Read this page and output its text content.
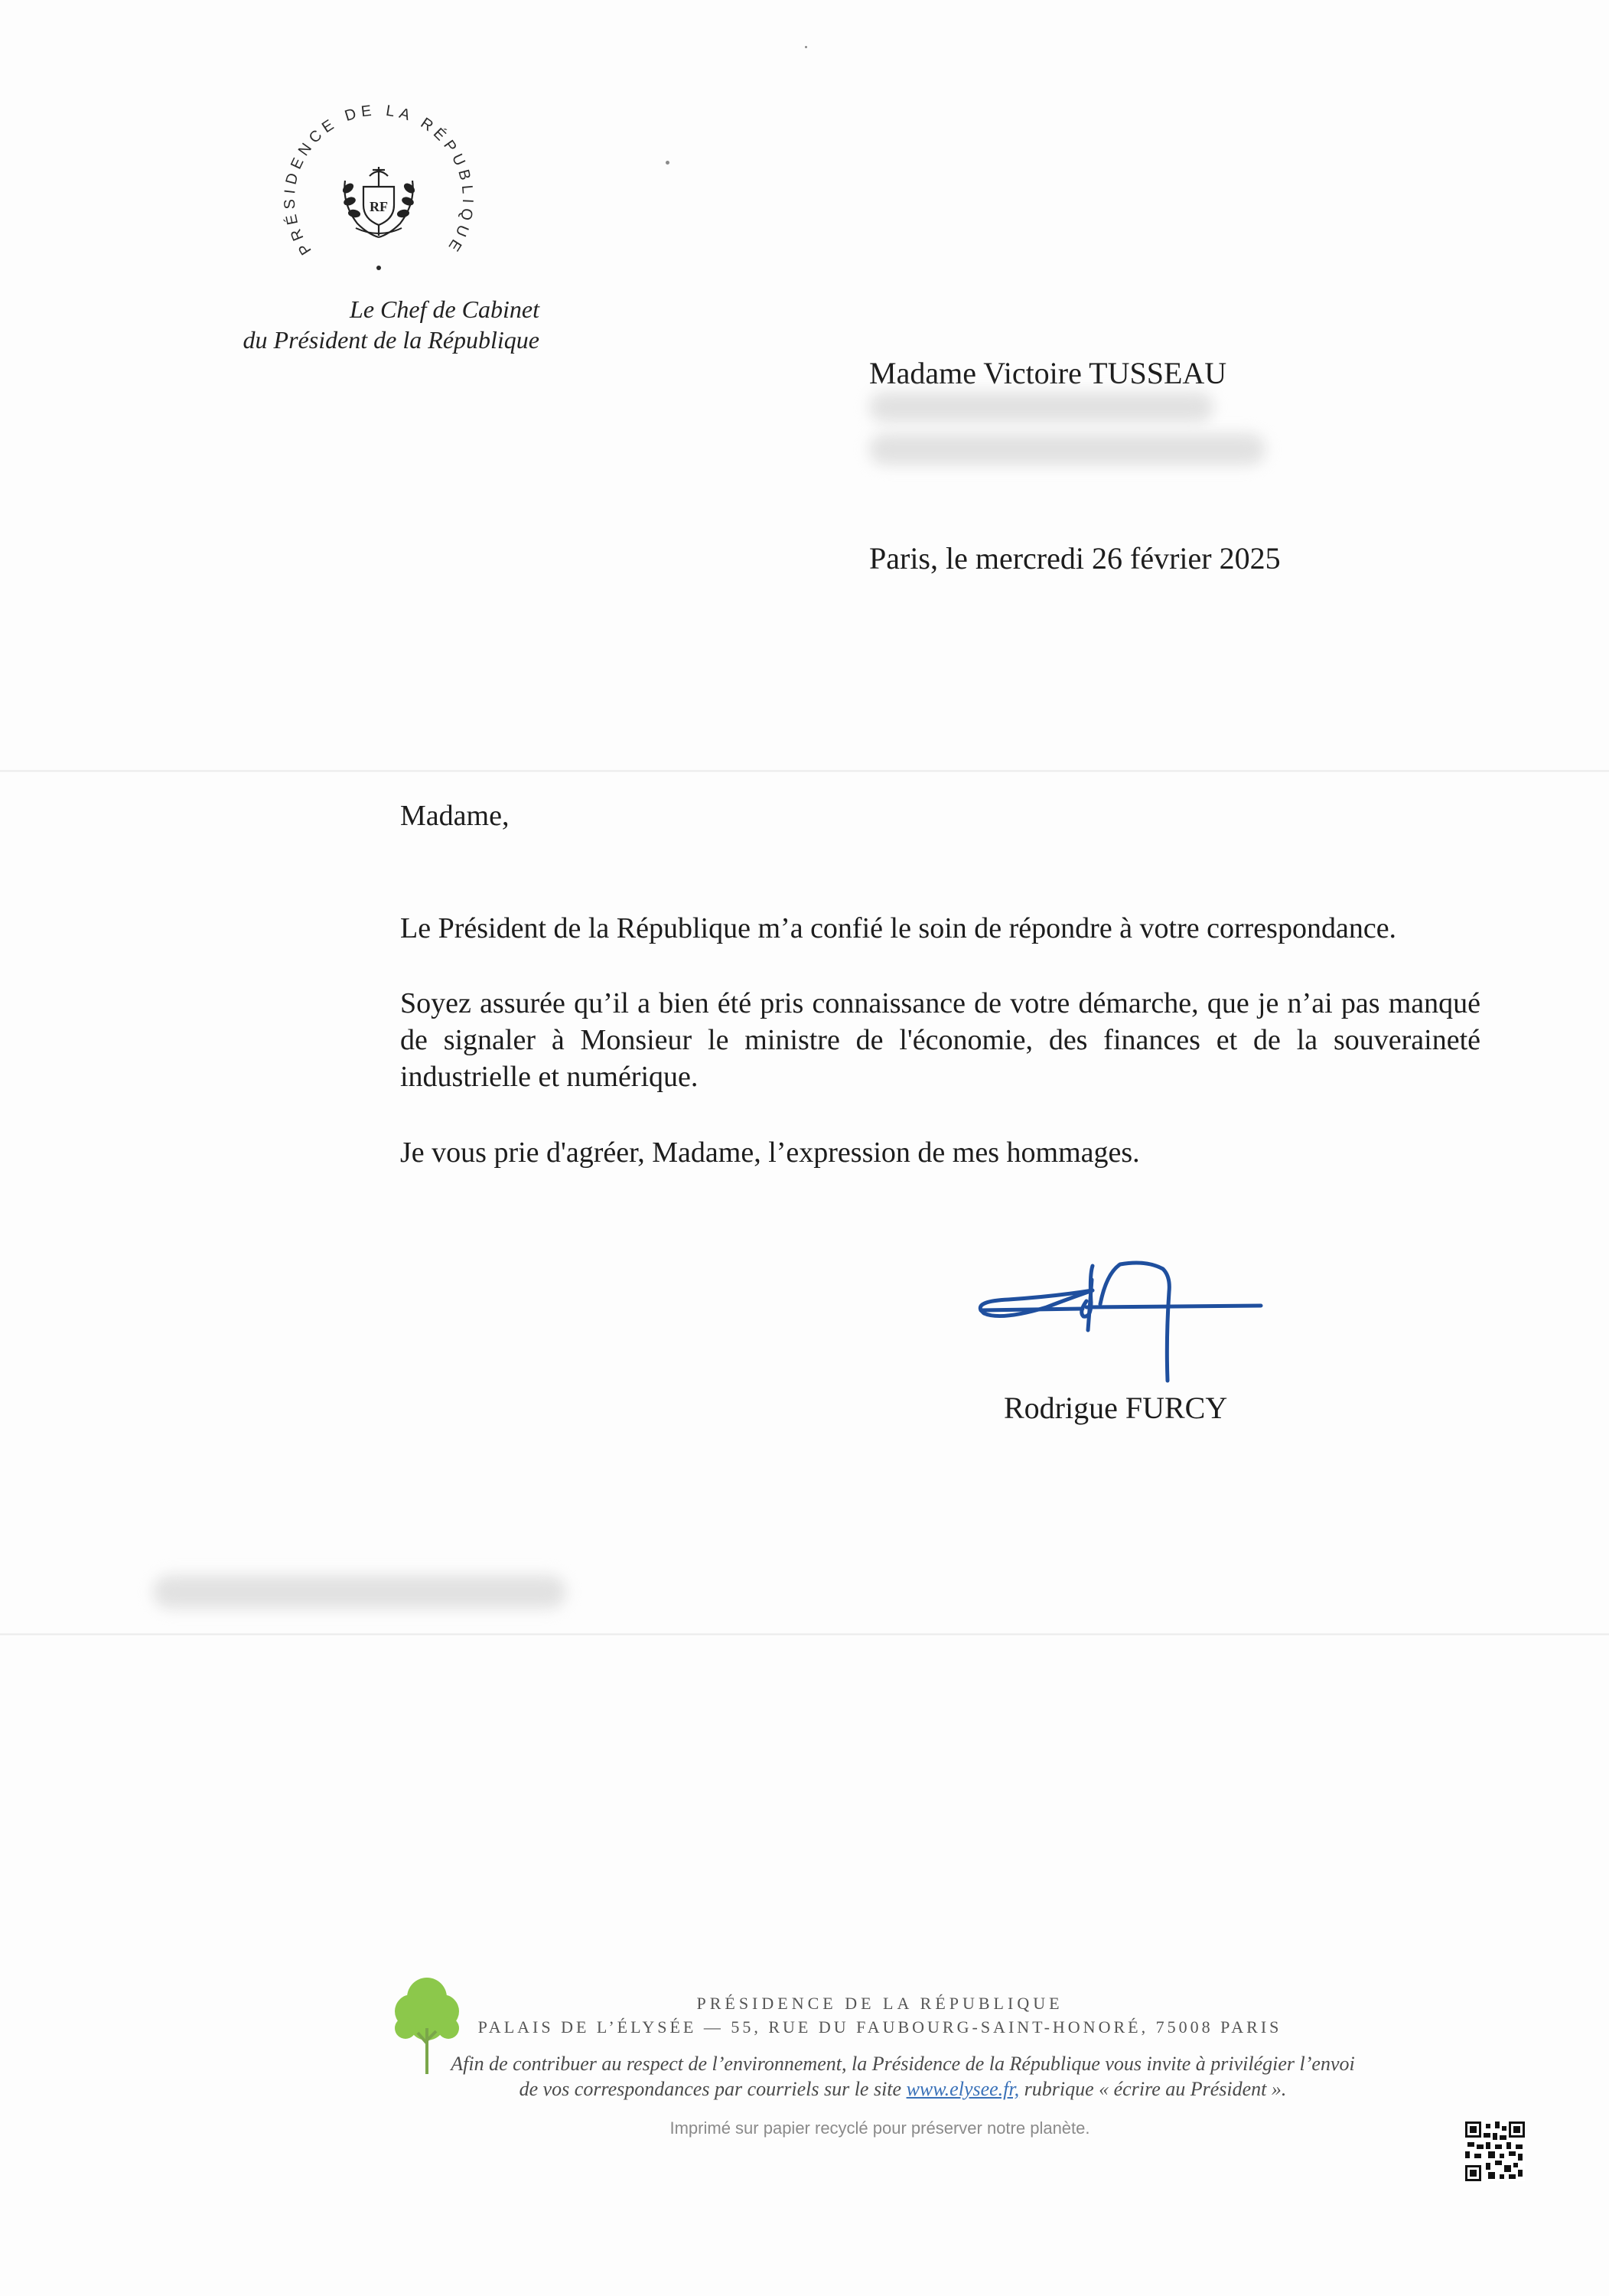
PRÉSIDENCE DE LA RÉPUBLIQUE
RF
Le Chef de Cabinet
du Président de la République
Madame Victoire TUSSEAU
Paris, le mercredi 26 février 2025
Madame,
Le Président de la République m’a confié le soin de répondre à votre correspondance.
Soyez assurée qu’il a bien été pris connaissance de votre démarche, que je n’ai pas manqué de signaler à Monsieur le ministre de l'économie, des finances et de la souveraineté industrielle et numérique.
Je vous prie d'agréer, Madame, l’expression de mes hommages.
Rodrigue FURCY
PRÉSIDENCE DE LA RÉPUBLIQUE
PALAIS DE L’ÉLYSÉE — 55, RUE DU FAUBOURG-SAINT-HONORÉ, 75008 PARIS
Afin de contribuer au respect de l’environnement, la Présidence de la République vous invite à privilégier l’envoi de vos correspondances par courriels sur le site www.elysee.fr, rubrique « écrire au Président ».
Imprimé sur papier recyclé pour préserver notre planète.
